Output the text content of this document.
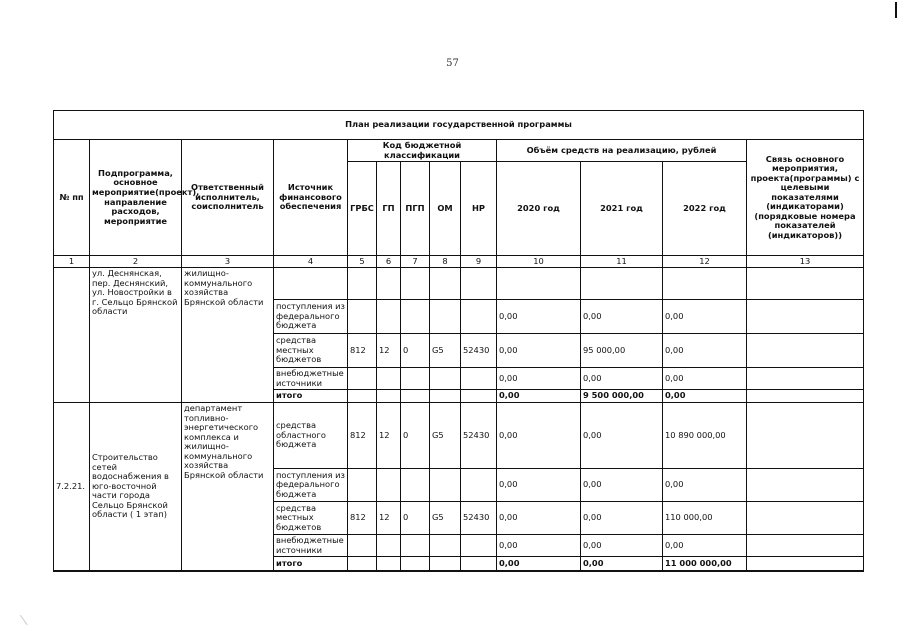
57
План реализации государственной программы												
№ пп	Подпрограмма, основное мероприятие(проект), направление расходов, мероприятие	Ответственный исполнитель, соисполнитель	Источник финансового обеспечения	Код бюджетной классификации					Объём средств на реализацию, рублей			Связь основного мероприятия, проекта(программы) с целевыми показателями (индикаторами) (порядковые номера показателей (индикаторов))
				ГРБС	ГП	ПГП	ОМ	НР	2020 год	2021 год	2022 год	
1	2	3	4	5	6	7	8	9	10	11	12	13
	ул. Деснянская, пер. Деснянский, ул. Новостройки в г. Сельцо Брянской области	жилищно-коммунального хозяйства Брянской области										
			поступления из федерального бюджета						0,00	0,00	0,00	
			средства местных бюджетов	812	12	0	G5	52430	0,00	95 000,00	0,00	
			внебюджетные источники						0,00	0,00	0,00	
			итого						0,00	9 500 000,00	0,00	
7.2.21.	Строительство сетей водоснабжения в юго-восточной части города Сельцо Брянской области ( 1 этап)	департамент топливно-энергетического комплекса и жилищно-коммунального хозяйства Брянской области	средства областного бюджета	812	12	0	G5	52430	0,00	0,00	10 890 000,00	
			поступления из федерального бюджета						0,00	0,00	0,00	
			средства местных бюджетов	812	12	0	G5	52430	0,00	0,00	110 000,00	
			внебюджетные источники						0,00	0,00	0,00	
			итого						0,00	0,00	11 000 000,00	
